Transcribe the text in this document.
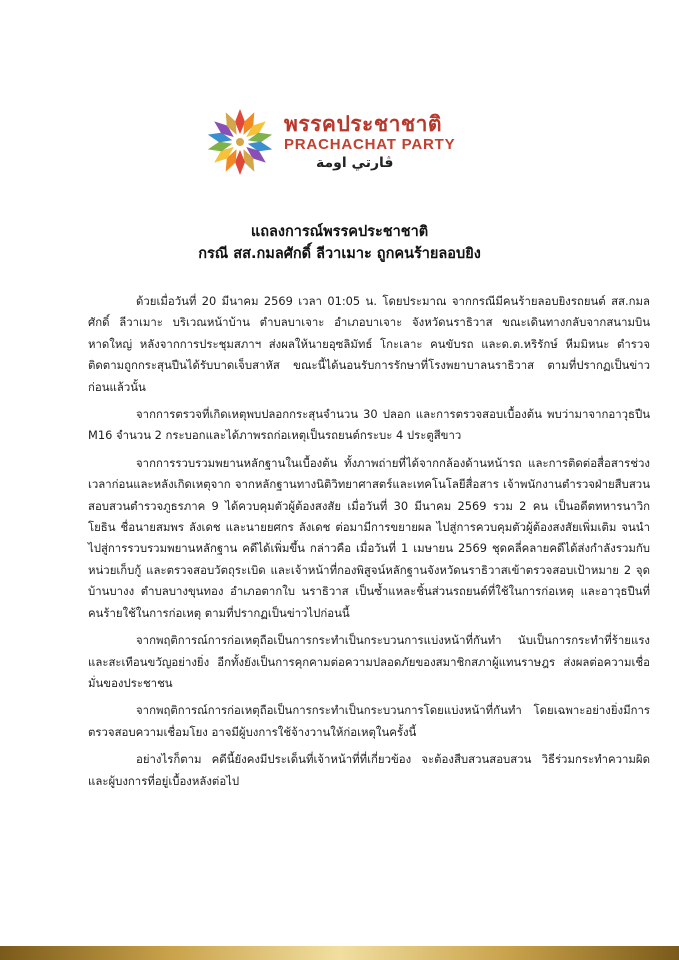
พรรคประชาชาติ
PRACHACHAT PARTY
ڤارتي اومة
แถลงการณ์พรรคประชาชาติ
กรณี สส.กมลศักดิ์ ลีวาเมาะ ถูกคนร้ายลอบยิง

ด้วยเมื่อวันที่ 20 มีนาคม 2569 เวลา 01:05 น. โดยประมาณ จากกรณีมีคนร้ายลอบยิงรถยนต์ สส.กมลศักดิ์ ลีวาเมาะ บริเวณหน้าบ้าน ตำบลบาเจาะ อำเภอบาเจาะ จังหวัดนราธิวาส ขณะเดินทางกลับจากสนามบินหาดใหญ่ หลังจากการประชุมสภาฯ ส่งผลให้นายอุซลิมัทธ์ โกะเลาะ คนขับรถ และด.ต.หริรักษ์ หีมมิหนะ ตำรวจติดตามถูกกระสุนปืนได้รับบาดเจ็บสาหัส ขณะนี้ได้นอนรับการรักษาที่โรงพยาบาลนราธิวาส ตามที่ปรากฏเป็นข่าวก่อนแล้วนั้น

จากการตรวจที่เกิดเหตุพบปลอกกระสุนจำนวน 30 ปลอก และการตรวจสอบเบื้องต้น พบว่ามาจากอาวุธปืน M16 จำนวน 2 กระบอกและได้ภาพรถก่อเหตุเป็นรถยนต์กระบะ 4 ประตูสีขาว

จากการรวบรวมพยานหลักฐานในเบื้องต้น ทั้งภาพถ่ายที่ได้จากกล้องด้านหน้ารถ และการติดต่อสื่อสารช่วงเวลาก่อนและหลังเกิดเหตุจาก จากหลักฐานทางนิติวิทยาศาสตร์และเทคโนโลยีสื่อสาร เจ้าพนักงานตำรวจฝ่ายสืบสวนสอบสวนตำรวจภูธรภาค 9 ได้ควบคุมตัวผู้ต้องสงสัย เมื่อวันที่ 30 มีนาคม 2569 รวม 2 คน เป็นอดีตทหารนาวิกโยธิน ชื่อนายสมพร ลังเดช และนายยศกร ลังเดช ต่อมามีการขยายผล ไปสู่การควบคุมตัวผู้ต้องสงสัยเพิ่มเติม จนนำไปสู่การรวบรวมพยานหลักฐาน คดีได้เพิ่มขึ้น กล่าวคือ เมื่อวันที่ 1 เมษายน 2569 ชุดคลี่คลายคดีได้ส่งกำลังรวมกับหน่วยเก็บกู้ และตรวจสอบวัตถุระเบิด และเจ้าหน้าที่กองพิสูจน์หลักฐานจังหวัดนราธิวาสเข้าตรวจสอบเป้าหมาย 2 จุด บ้านบางง ตำบลบางขุนทอง อำเภอตากใบ นราธิวาส เป็นซ้ำแหละชิ้นส่วนรถยนต์ที่ใช้ในการก่อเหตุ และอาวุธปืนที่คนร้ายใช้ในการก่อเหตุ ตามที่ปรากฏเป็นข่าวไปก่อนนี้

จากพฤติการณ์การก่อเหตุถือเป็นการกระทำเป็นกระบวนการแบ่งหน้าที่กันทำ นับเป็นการกระทำที่ร้ายแรง และสะเทือนขวัญอย่างยิ่ง อีกทั้งยังเป็นการคุกคามต่อความปลอดภัยของสมาชิกสภาผู้แทนราษฎร ส่งผลต่อความเชื่อมั่นของประชาชน

จากพฤติการณ์การก่อเหตุถือเป็นการกระทำเป็นกระบวนการโดยแบ่งหน้าที่กันทำ โดยเฉพาะอย่างยิ่งมีการตรวจสอบความเชื่อมโยง อาจมีผู้บงการใช้จ้างวานให้ก่อเหตุในครั้งนี้

อย่างไรก็ตาม คดีนี้ยังคงมีประเด็นที่เจ้าหน้าที่ที่เกี่ยวข้อง จะต้องสืบสวนสอบสวน วิธีร่วมกระทำความผิด และผู้บงการที่อยู่เบื้องหลังต่อไป
